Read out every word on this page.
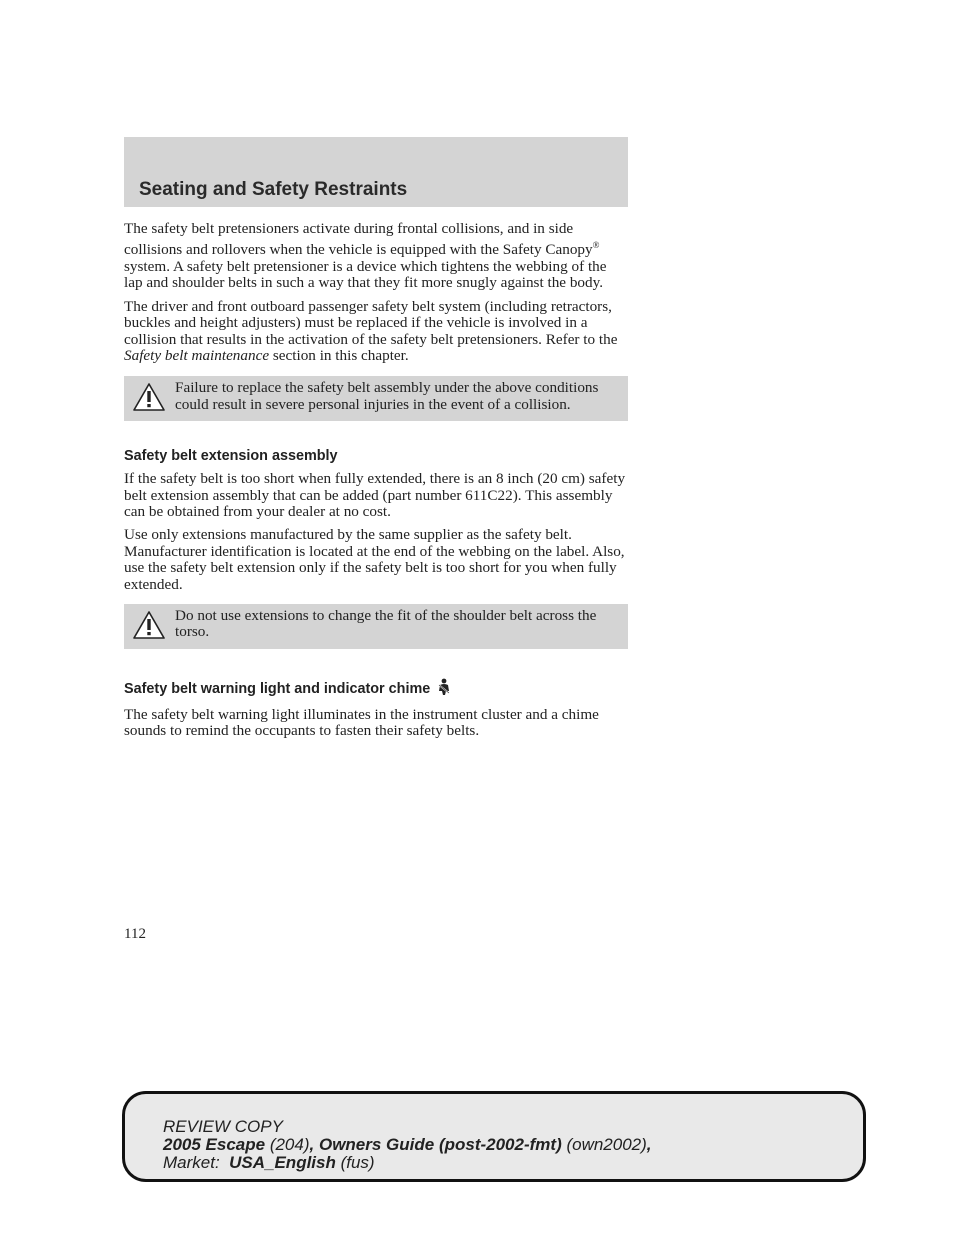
Seating and Safety Restraints

The safety belt pretensioners activate during frontal collisions, and in side collisions and rollovers when the vehicle is equipped with the Safety Canopy® system. A safety belt pretensioner is a device which tightens the webbing of the lap and shoulder belts in such a way that they fit more snugly against the body.

The driver and front outboard passenger safety belt system (including retractors, buckles and height adjusters) must be replaced if the vehicle is involved in a collision that results in the activation of the safety belt pretensioners. Refer to the Safety belt maintenance section in this chapter.

Failure to replace the safety belt assembly under the above conditions could result in severe personal injuries in the event of a collision.
Safety belt extension assembly

If the safety belt is too short when fully extended, there is an 8 inch (20 cm) safety belt extension assembly that can be added (part number 611C22). This assembly can be obtained from your dealer at no cost.

Use only extensions manufactured by the same supplier as the safety belt. Manufacturer identification is located at the end of the webbing on the label. Also, use the safety belt extension only if the safety belt is too short for you when fully extended.

Do not use extensions to change the fit of the shoulder belt across the torso.
Safety belt warning light and indicator chime

The safety belt warning light illuminates in the instrument cluster and a chime sounds to remind the occupants to fasten their safety belts.

112
REVIEW COPY
2005 Escape (204), Owners Guide (post-2002-fmt) (own2002),
Market:  USA_English (fus)
